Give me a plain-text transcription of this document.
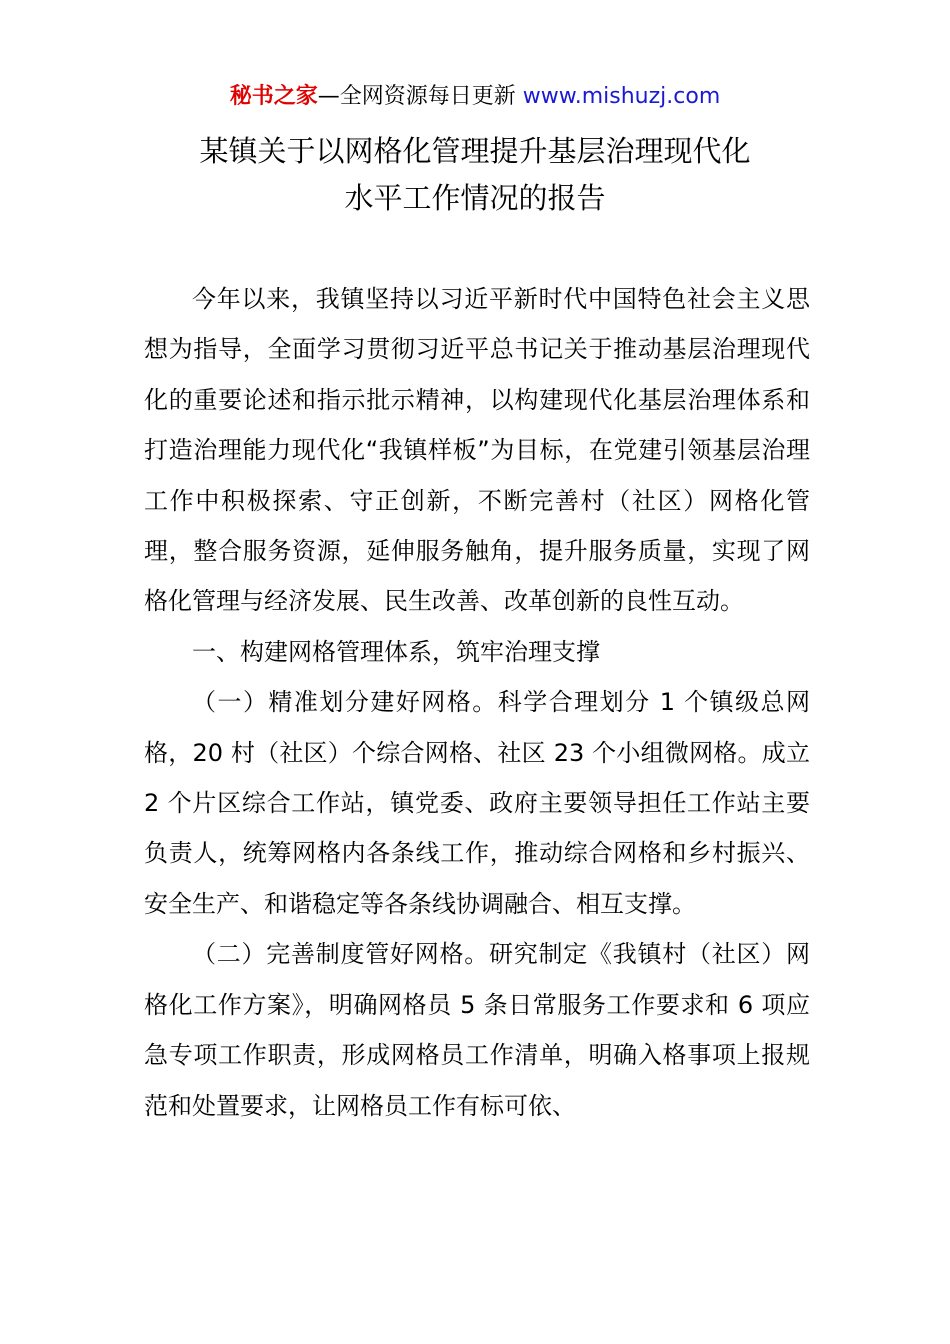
秘书之家—全网资源每日更新 www.mishuzj.com
某镇关于以网格化管理提升基层治理现代化
水平工作情况的报告

今年以来，我镇坚持以习近平新时代中国特色社会主义思想为指导，全面学习贯彻习近平总书记关于推动基层治理现代化的重要论述和指示批示精神，以构建现代化基层治理体系和打造治理能力现代化“我镇样板”为目标，在党建引领基层治理工作中积极探索、守正创新，不断完善村（社区）网格化管理，整合服务资源，延伸服务触角，提升服务质量，实现了网格化管理与经济发展、民生改善、改革创新的良性互动。

一、构建网格管理体系，筑牢治理支撑

（一）精准划分建好网格。科学合理划分 1 个镇级总网格，20 村（社区）个综合网格、社区 23 个小组微网格。成立 2 个片区综合工作站，镇党委、政府主要领导担任工作站主要负责人，统筹网格内各条线工作，推动综合网格和乡村振兴、安全生产、和谐稳定等各条线协调融合、相互支撑。

（二）完善制度管好网格。研究制定《我镇村（社区）网格化工作方案》，明确网格员 5 条日常服务工作要求和 6 项应急专项工作职责，形成网格员工作清单，明确入格事项上报规范和处置要求，让网格员工作有标可依、
